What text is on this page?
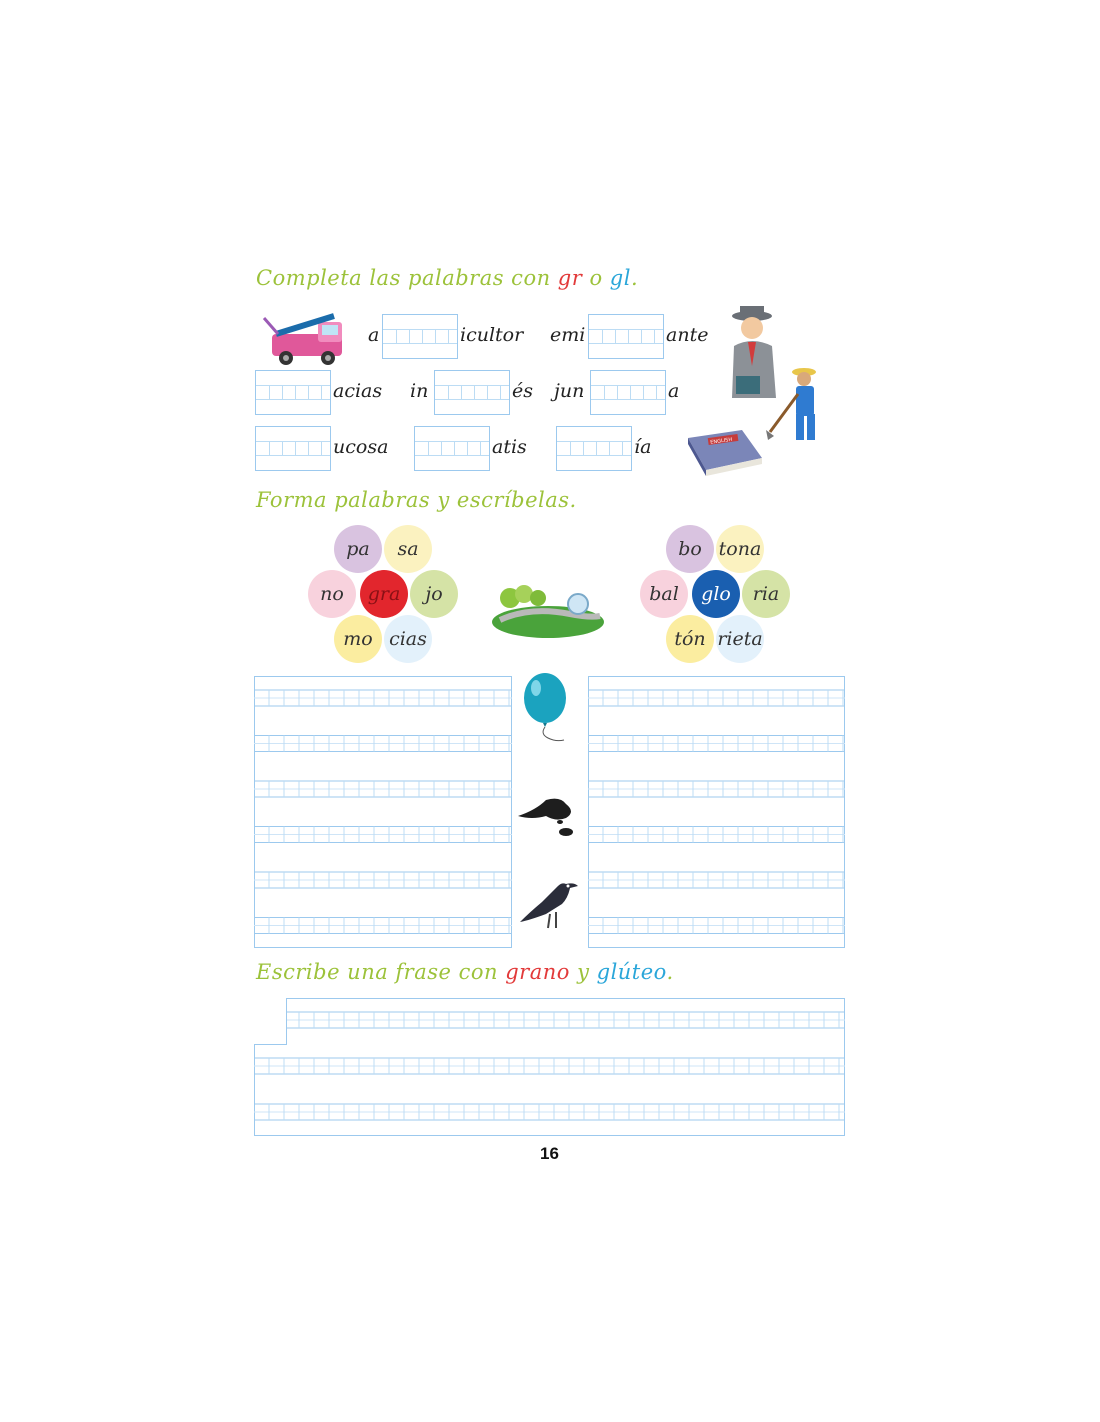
Completa las palabras con gr o gl.
a	icultor emi	ante
acias in	és jun	a
ucosa	atis	ía	ENGLISH
Forma palabras y escríbelas.
pa	sa
jo
cias
mo
no	gra
bo tona
ria
rieta
tón
bal	glo
Escribe una frase con grano y glúteo.
16
